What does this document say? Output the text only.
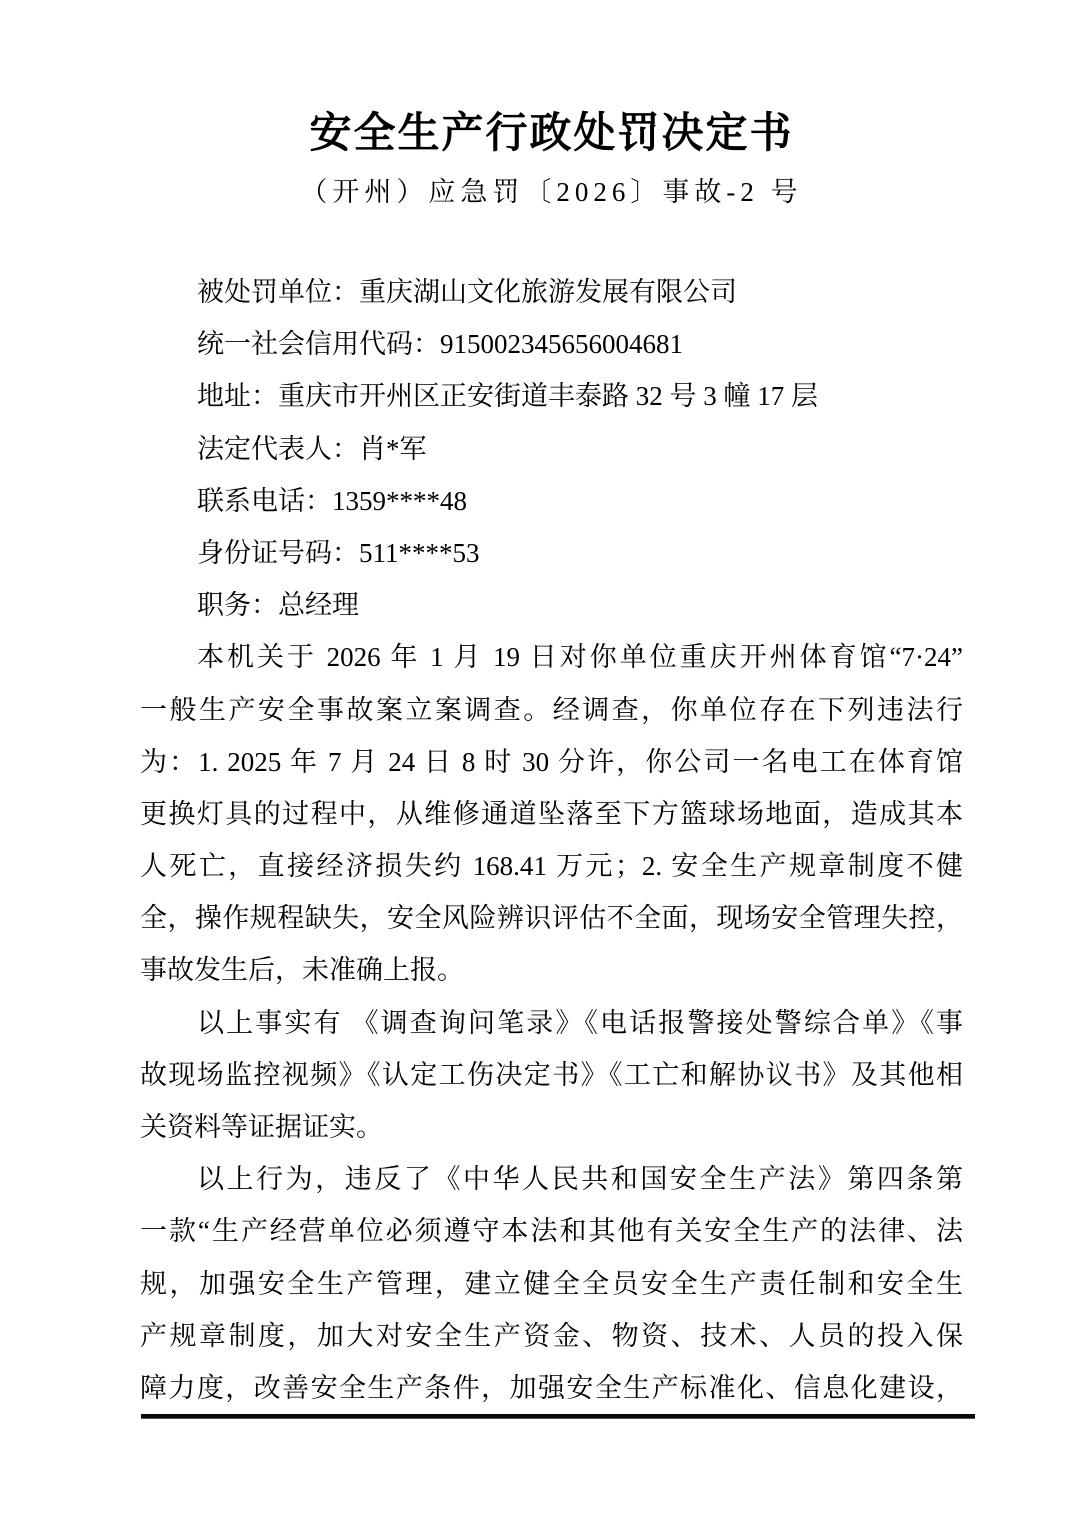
安全生产行政处罚决定书
（开州）应急罚〔2026〕事故-2 号
被处罚单位：重庆湖山文化旅游发展有限公司
统一社会信用代码：915002345656004681
地址：重庆市开州区正安街道丰泰路 32 号 3 幢 17 层
法定代表人：肖*军
联系电话：1359****48
身份证号码：511****53
职务：总经理
本机关于 2026 年 1 月 19 日对你单位重庆开州体育馆“7·24”
一般生产安全事故案立案调查。经调查，你单位存在下列违法行
为：1. 2025 年 7 月 24 日 8 时 30 分许，你公司一名电工在体育馆
更换灯具的过程中，从维修通道坠落至下方篮球场地面，造成其本
人死亡，直接经济损失约 168.41 万元；2. 安全生产规章制度不健
全，操作规程缺失，安全风险辨识评估不全面，现场安全管理失控，
事故发生后，未准确上报。
以上事实有 《调查询问笔录》《电话报警接处警综合单》《事
故现场监控视频》《认定工伤决定书》《工亡和解协议书》及其他相
关资料等证据证实。
以上行为，违反了《中华人民共和国安全生产法》第四条第
一款“生产经营单位必须遵守本法和其他有关安全生产的法律、法
规，加强安全生产管理，建立健全全员安全生产责任制和安全生
产规章制度，加大对安全生产资金、物资、技术、人员的投入保
障力度，改善安全生产条件，加强安全生产标准化、信息化建设，
